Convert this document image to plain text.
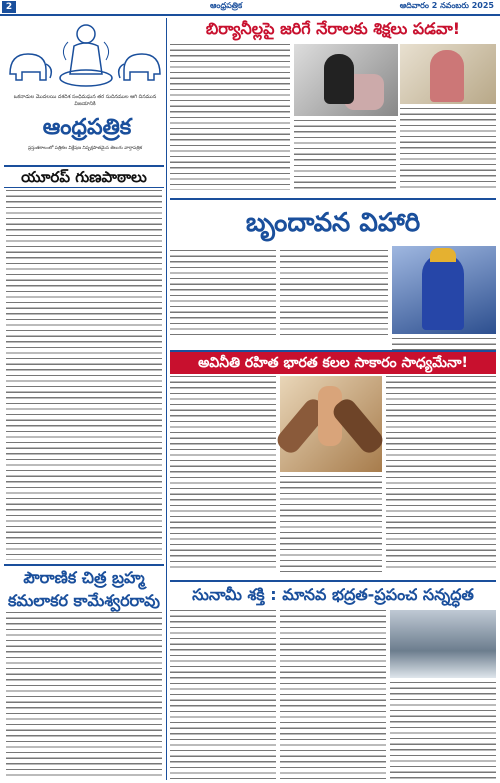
2	ఆంధ్రపత్రిక	ఆదివారం 2 నవంబరు 2025
ఒకనాడుల మొదలయి దశదిశ సంధిమఘన తర సుదినముల ఆగి దినమున విజయానికి
ఆంధ్రపత్రిక
ప్రస్తుతకాలంలో పత్రికల విశ్లేషణ నిష్పక్షపాతమైన తెలుగు వార్తాపత్రిక
యూరప్ గుణపాఠాలు
పౌరాణిక చిత్ర బ్రహ్మ
కమలాకర కామేశ్వరరావు
బిర్యానీల్లపై జరిగే నేరాలకు శిక్షలు పడవా!
బృందావన విహారి
అవినీతి రహిత భారత కలల సాకారం సాధ్యమేనా!
సునామీ శక్తి : మానవ భద్రత-ప్రపంచ సన్నద్ధత
